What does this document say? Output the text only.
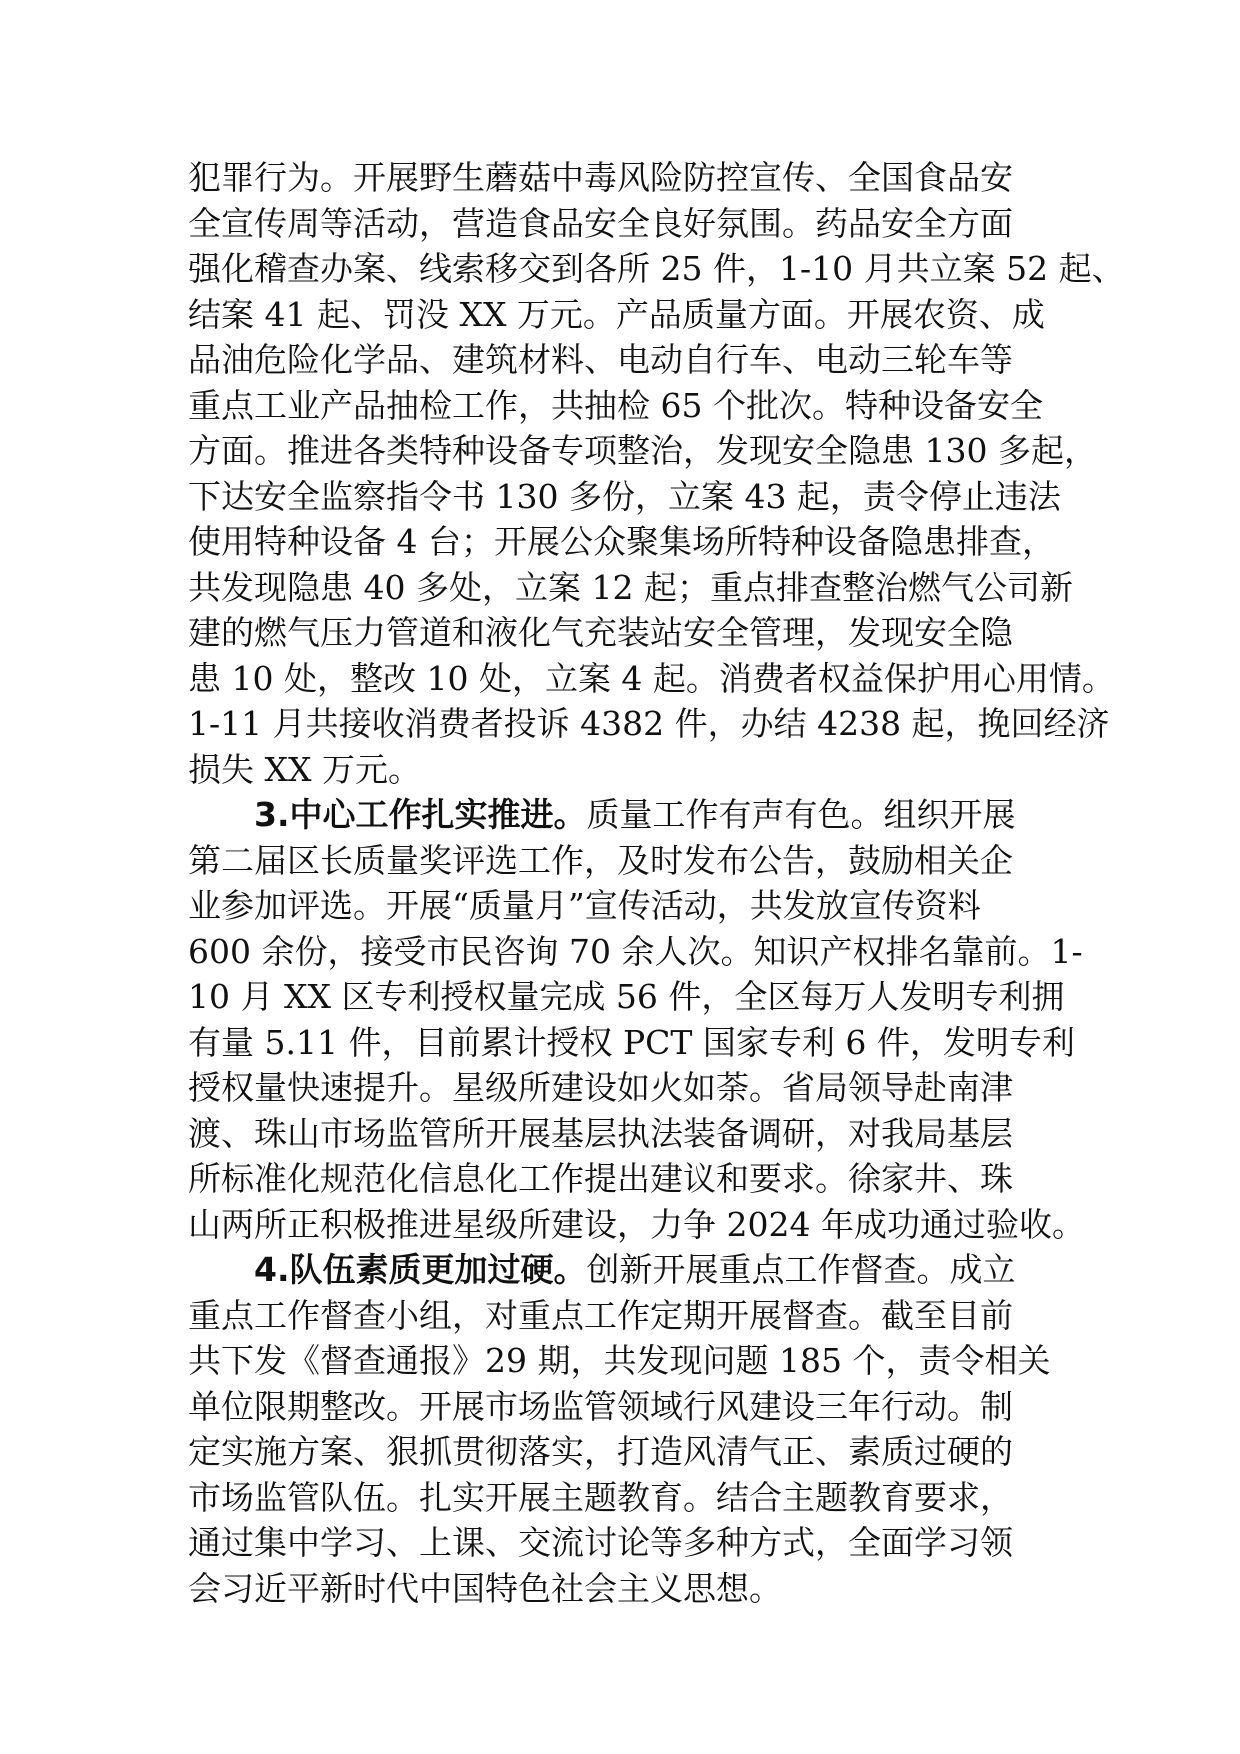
犯罪行为。开展野生蘑菇中毒风险防控宣传、全国食品安
全宣传周等活动，营造食品安全良好氛围。药品安全方面
强化稽查办案、线索移交到各所 25 件，1-10 月共立案 52 起、
结案 41 起、罚没 XX 万元。产品质量方面。开展农资、成
品油危险化学品、建筑材料、电动自行车、电动三轮车等
重点工业产品抽检工作，共抽检 65 个批次。特种设备安全
方面。推进各类特种设备专项整治，发现安全隐患 130 多起，
下达安全监察指令书 130 多份，立案 43 起，责令停止违法
使用特种设备 4 台；开展公众聚集场所特种设备隐患排查，
共发现隐患 40 多处，立案 12 起；重点排查整治燃气公司新
建的燃气压力管道和液化气充装站安全管理，发现安全隐
患 10 处，整改 10 处，立案 4 起。消费者权益保护用心用情。
1-11 月共接收消费者投诉 4382 件，办结 4238 起，挽回经济
损失 XX 万元。
3.中心工作扎实推进。质量工作有声有色。组织开展
第二届区长质量奖评选工作，及时发布公告，鼓励相关企
业参加评选。开展“质量月”宣传活动，共发放宣传资料
600 余份，接受市民咨询 70 余人次。知识产权排名靠前。1-
10 月 XX 区专利授权量完成 56 件，全区每万人发明专利拥
有量 5.11 件，目前累计授权 PCT 国家专利 6 件，发明专利
授权量快速提升。星级所建设如火如荼。省局领导赴南津
渡、珠山市场监管所开展基层执法装备调研，对我局基层
所标准化规范化信息化工作提出建议和要求。徐家井、珠
山两所正积极推进星级所建设，力争 2024 年成功通过验收。
4.队伍素质更加过硬。创新开展重点工作督查。成立
重点工作督查小组，对重点工作定期开展督查。截至目前
共下发《督查通报》29 期，共发现问题 185 个，责令相关
单位限期整改。开展市场监管领域行风建设三年行动。制
定实施方案、狠抓贯彻落实，打造风清气正、素质过硬的
市场监管队伍。扎实开展主题教育。结合主题教育要求，
通过集中学习、上课、交流讨论等多种方式，全面学习领
会习近平新时代中国特色社会主义思想。
